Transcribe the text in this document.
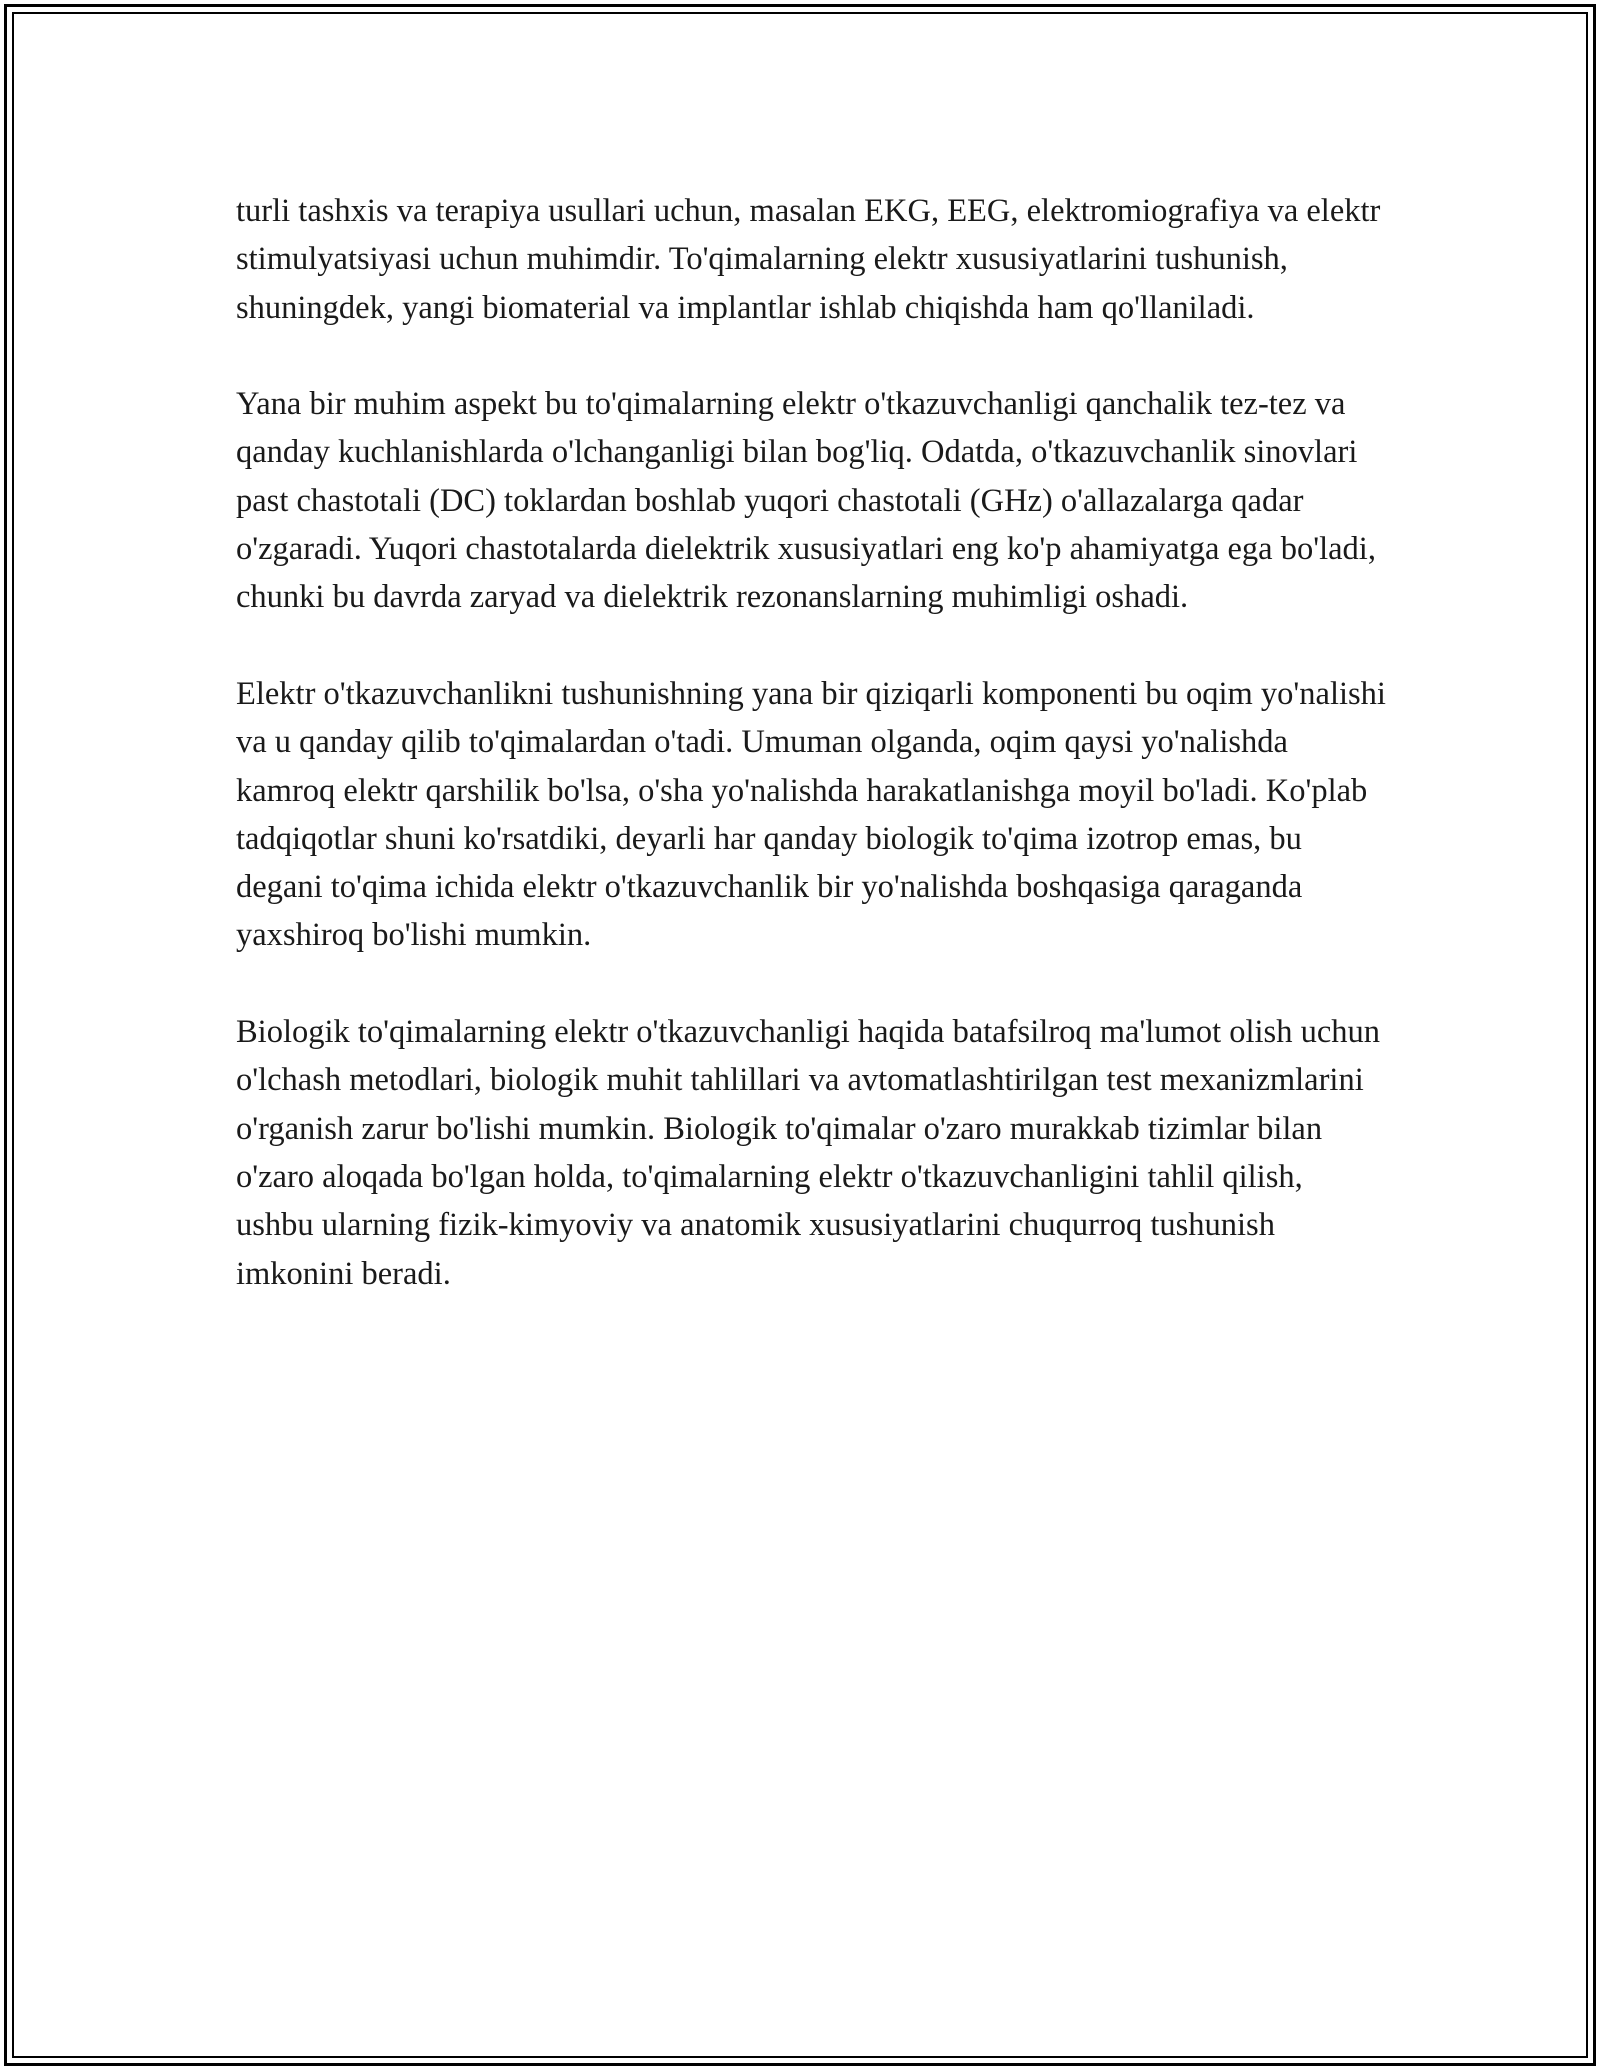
turli tashxis va terapiya usullari uchun, masalan EKG, EEG, elektromiografiya va elektr stimulyatsiyasi uchun muhimdir. To'qimalarning elektr xususiyatlarini tushunish, shuningdek, yangi biomaterial va implantlar ishlab chiqishda ham qo'llaniladi.

Yana bir muhim aspekt bu to'qimalarning elektr o'tkazuvchanligi qanchalik tez-tez va qanday kuchlanishlarda o'lchanganligi bilan bog'liq. Odatda, o'tkazuvchanlik sinovlari past chastotali (DC) toklardan boshlab yuqori chastotali (GHz) o'allazalarga qadar o'zgaradi. Yuqori chastotalarda dielektrik xususiyatlari eng ko'p ahamiyatga ega bo'ladi, chunki bu davrda zaryad va dielektrik rezonanslarning muhimligi oshadi.

Elektr o'tkazuvchanlikni tushunishning yana bir qiziqarli komponenti bu oqim yo'nalishi va u qanday qilib to'qimalardan o'tadi. Umuman olganda, oqim qaysi yo'nalishda kamroq elektr qarshilik bo'lsa, o'sha yo'nalishda harakatlanishga moyil bo'ladi. Ko'plab tadqiqotlar shuni ko'rsatdiki, deyarli har qanday biologik to'qima izotrop emas, bu degani to'qima ichida elektr o'tkazuvchanlik bir yo'nalishda boshqasiga qaraganda yaxshiroq bo'lishi mumkin.

Biologik to'qimalarning elektr o'tkazuvchanligi haqida batafsilroq ma'lumot olish uchun o'lchash metodlari, biologik muhit tahlillari va avtomatlashtirilgan test mexanizmlarini o'rganish zarur bo'lishi mumkin. Biologik to'qimalar o'zaro murakkab tizimlar bilan o'zaro aloqada bo'lgan holda, to'qimalarning elektr o'tkazuvchanligini tahlil qilish, ushbu ularning fizik-kimyoviy va anatomik xususiyatlarini chuqurroq tushunish imkonini beradi.
